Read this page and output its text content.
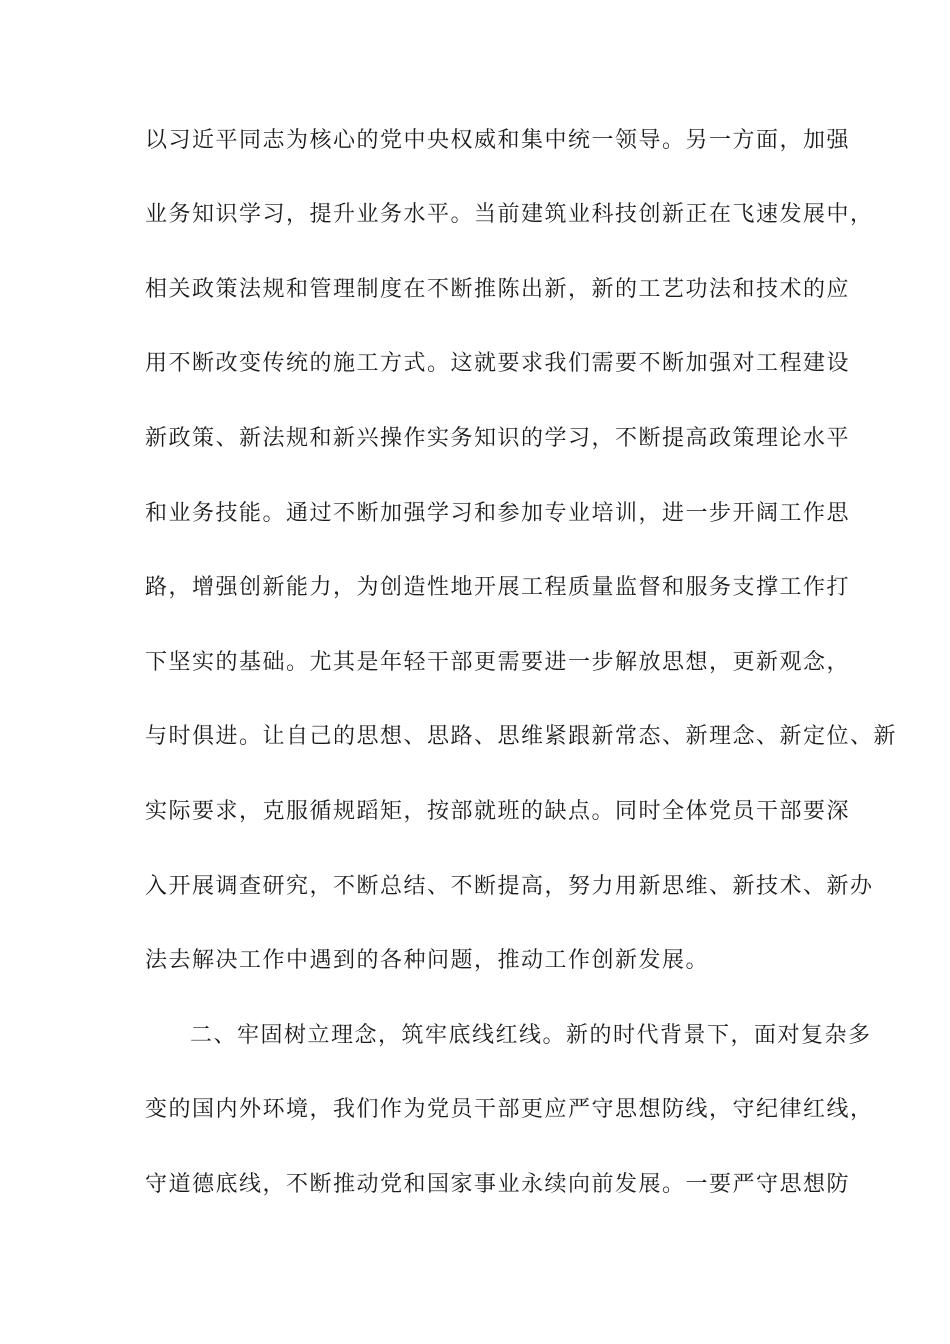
以习近平同志为核心的党中央权威和集中统一领导。另一方面，加强
业务知识学习，提升业务水平。当前建筑业科技创新正在飞速发展中，
相关政策法规和管理制度在不断推陈出新，新的工艺功法和技术的应
用不断改变传统的施工方式。这就要求我们需要不断加强对工程建设
新政策、新法规和新兴操作实务知识的学习，不断提高政策理论水平
和业务技能。通过不断加强学习和参加专业培训，进一步开阔工作思
路，增强创新能力，为创造性地开展工程质量监督和服务支撑工作打
下坚实的基础。尤其是年轻干部更需要进一步解放思想，更新观念，
与时俱进。让自己的思想、思路、思维紧跟新常态、新理念、新定位、新
实际要求，克服循规蹈矩，按部就班的缺点。同时全体党员干部要深
入开展调查研究，不断总结、不断提高，努力用新思维、新技术、新办
法去解决工作中遇到的各种问题，推动工作创新发展。
二、牢固树立理念，筑牢底线红线。新的时代背景下，面对复杂多
变的国内外环境，我们作为党员干部更应严守思想防线，守纪律红线，
守道德底线，不断推动党和国家事业永续向前发展。一要严守思想防
